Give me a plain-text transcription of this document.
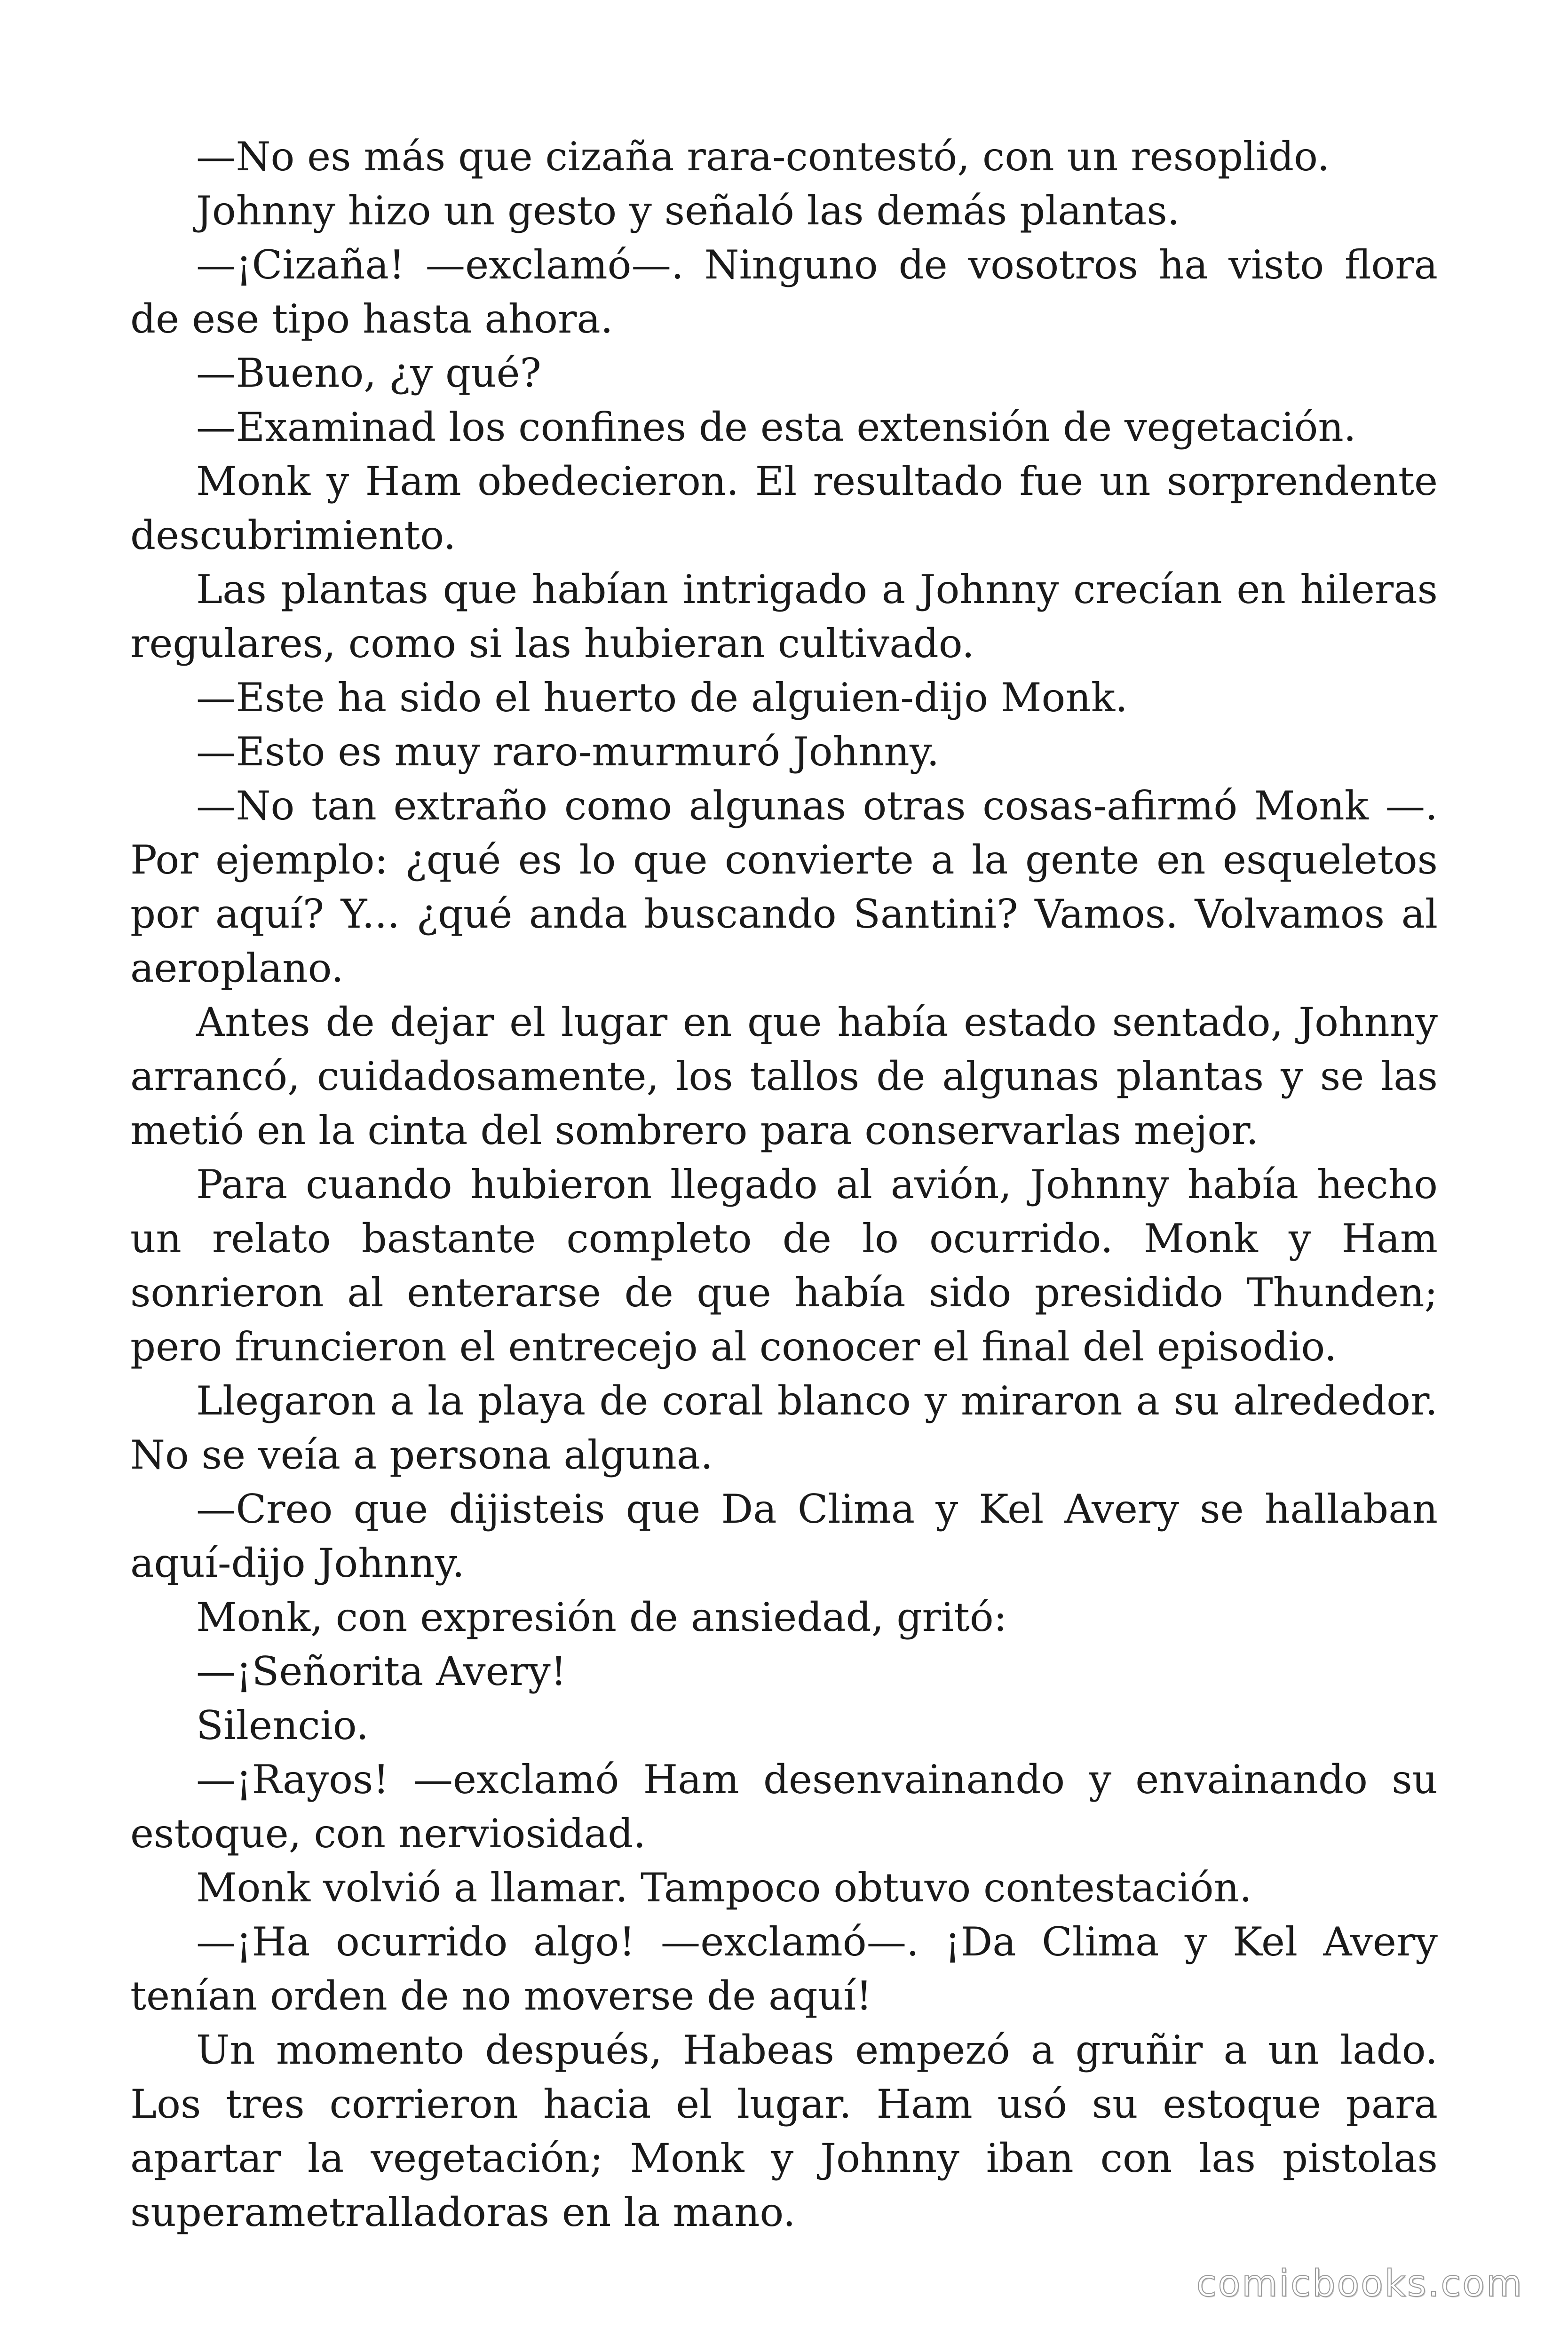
—No es más que cizaña rara-contestó, con un resoplido.

Johnny hizo un gesto y señaló las demás plantas.

—¡Cizaña! —exclamó—. Ninguno de vosotros ha visto flora de ese tipo hasta ahora.

—Bueno, ¿y qué?

—Examinad los confines de esta extensión de vegetación.

Monk y Ham obedecieron. El resultado fue un sorprendente descubrimiento.

Las plantas que habían intrigado a Johnny crecían en hileras regulares, como si las hubieran cultivado.

—Este ha sido el huerto de alguien-dijo Monk.

—Esto es muy raro-murmuró Johnny.

—No tan extraño como algunas otras cosas-afirmó Monk —. Por ejemplo: ¿qué es lo que convierte a la gente en esqueletos por aquí? Y... ¿qué anda buscando Santini? Vamos. Volvamos al aeroplano.

Antes de dejar el lugar en que había estado sentado, Johnny arrancó, cuidadosamente, los tallos de algunas plantas y se las metió en la cinta del sombrero para conservarlas mejor.

Para cuando hubieron llegado al avión, Johnny había hecho un relato bastante completo de lo ocurrido. Monk y Ham sonrieron al enterarse de que había sido presidido Thunden; pero fruncieron el entrecejo al conocer el final del episodio.

Llegaron a la playa de coral blanco y miraron a su alrededor. No se veía a persona alguna.

—Creo que dijisteis que Da Clima y Kel Avery se hallaban aquí-dijo Johnny.

Monk, con expresión de ansiedad, gritó:

—¡Señorita Avery!

Silencio.

—¡Rayos! —exclamó Ham desenvainando y envainando su estoque, con nerviosidad.

Monk volvió a llamar. Tampoco obtuvo contestación.

—¡Ha ocurrido algo! —exclamó—. ¡Da Clima y Kel Avery tenían orden de no moverse de aquí!

Un momento después, Habeas empezó a gruñir a un lado. Los tres corrieron hacia el lugar. Ham usó su estoque para apartar la vegetación; Monk y Johnny iban con las pistolas superametralladoras en la mano.

comicbooks.com
